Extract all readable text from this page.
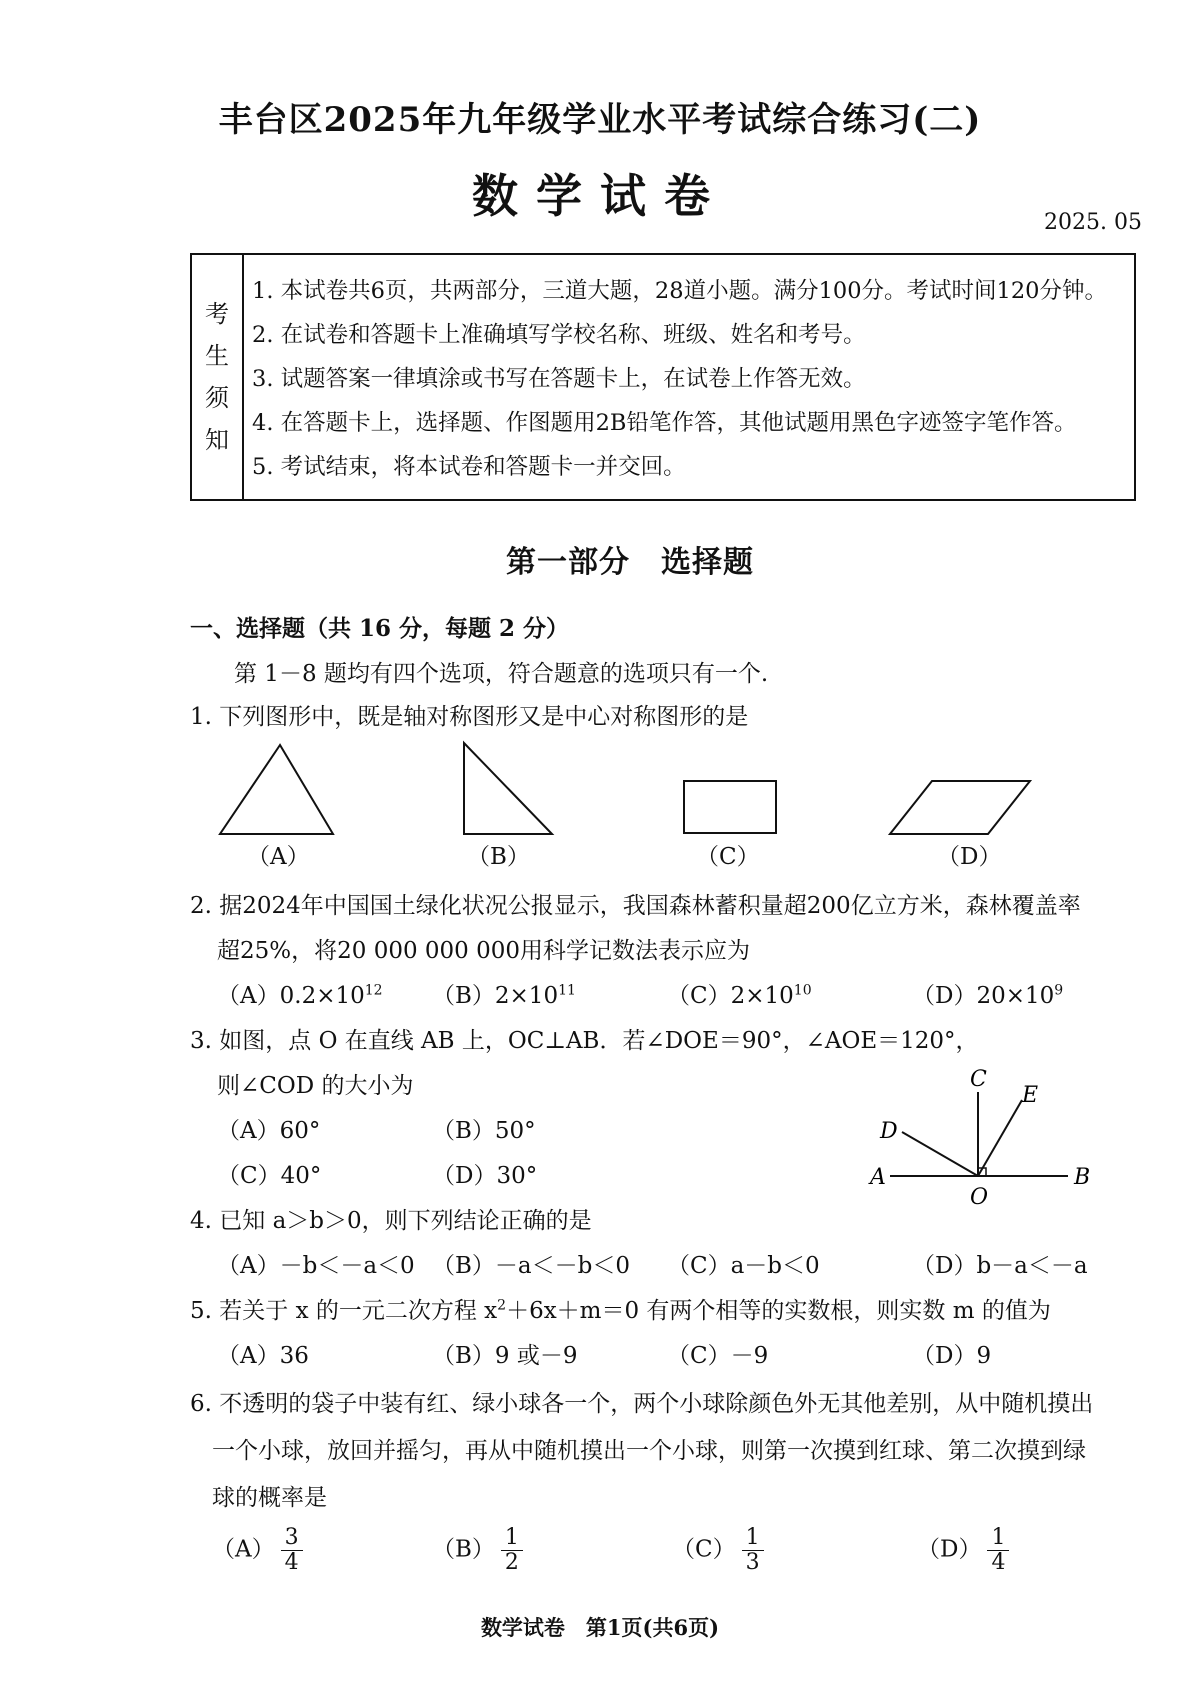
丰台区2025年九年级学业水平考试综合练习(二)
数学试卷	2025. 05
考
生
须
知
1. 本试卷共6页，共两部分，三道大题，28道小题。满分100分。考试时间120分钟。
2. 在试卷和答题卡上准确填写学校名称、班级、姓名和考号。
3. 试题答案一律填涂或书写在答题卡上，在试卷上作答无效。
4. 在答题卡上，选择题、作图题用2B铅笔作答，其他试题用黑色字迹签字笔作答。
5. 考试结束，将本试卷和答题卡一并交回。
第一部分　选择题
一、选择题（共 16 分，每题 2 分）
第 1－8 题均有四个选项，符合题意的选项只有一个.
1. 下列图形中，既是轴对称图形又是中心对称图形的是
（A）	（B）	（C）	（D）
2. 据2024年中国国土绿化状况公报显示，我国森林蓄积量超200亿立方米，森林覆盖率
超25%，将20 000 000 000用科学记数法表示应为
$(A)0.2\times 10^{12}$ $(B)2\times 10^{11}$	$(C)2\times 10^{10}$	$(D)20\times 10^9$
3. 如图，点 O 在直线 AB 上，OC⊥AB．若∠DOE＝90°，∠AOE＝120°，
则∠COD 的大小为
（A）60°	（B）50°
（C）40°	（D）30°
C
E
D
A
O
B
4. 已知 a＞b＞0，则下列结论正确的是
（A）－b＜－a＜0 （B）－a＜－b＜0 （C）a－b＜0	（D）b－a＜－a
5. 若关于 x 的一元二次方程 $x^2+6x+m=0$ 有两个相等的实数根，则实数 m 的值为
（A）36	（B）9 或－9	（C）－9	（D）9
6. 不透明的袋子中装有红、绿小球各一个，两个小球除颜色外无其他差别，从中随机摸出
一个小球，放回并摇匀，再从中随机摸出一个小球，则第一次摸到红球、第二次摸到绿
球的概率是
$(A) \frac{3}{4}$	$(B) \frac{1}{2}$	$(C) \frac{1}{3}$	$(D) \frac{1}{4}$
数学试卷　第1页(共6页)
